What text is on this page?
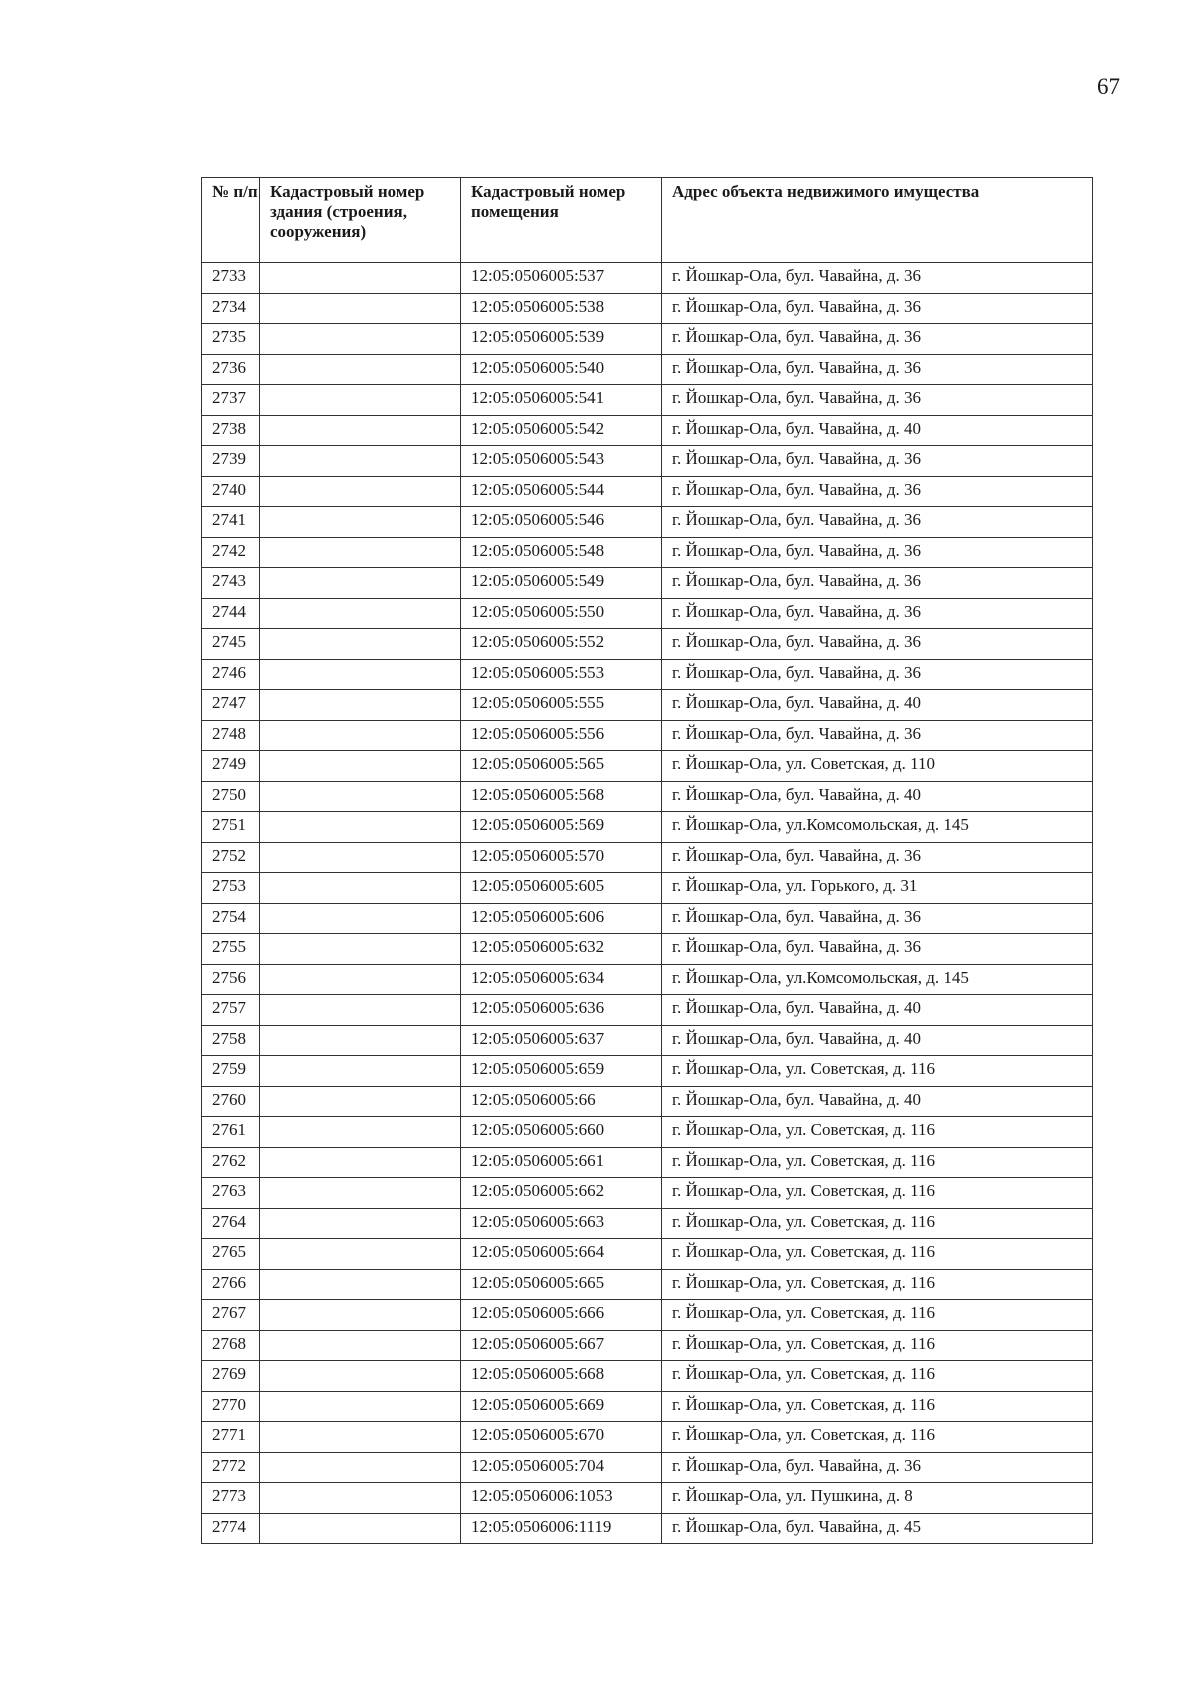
67
№ п/п	Кадастровый номер здания (строения, сооружения)	Кадастровый номер помещения	Адрес объекта недвижимого имущества
2733		12:05:0506005:537	г. Йошкар-Ола, бул. Чавайна, д. 36
2734		12:05:0506005:538	г. Йошкар-Ола, бул. Чавайна, д. 36
2735		12:05:0506005:539	г. Йошкар-Ола, бул. Чавайна, д. 36
2736		12:05:0506005:540	г. Йошкар-Ола, бул. Чавайна, д. 36
2737		12:05:0506005:541	г. Йошкар-Ола, бул. Чавайна, д. 36
2738		12:05:0506005:542	г. Йошкар-Ола, бул. Чавайна, д. 40
2739		12:05:0506005:543	г. Йошкар-Ола, бул. Чавайна, д. 36
2740		12:05:0506005:544	г. Йошкар-Ола, бул. Чавайна, д. 36
2741		12:05:0506005:546	г. Йошкар-Ола, бул. Чавайна, д. 36
2742		12:05:0506005:548	г. Йошкар-Ола, бул. Чавайна, д. 36
2743		12:05:0506005:549	г. Йошкар-Ола, бул. Чавайна, д. 36
2744		12:05:0506005:550	г. Йошкар-Ола, бул. Чавайна, д. 36
2745		12:05:0506005:552	г. Йошкар-Ола, бул. Чавайна, д. 36
2746		12:05:0506005:553	г. Йошкар-Ола, бул. Чавайна, д. 36
2747		12:05:0506005:555	г. Йошкар-Ола, бул. Чавайна, д. 40
2748		12:05:0506005:556	г. Йошкар-Ола, бул. Чавайна, д. 36
2749		12:05:0506005:565	г. Йошкар-Ола, ул. Советская, д. 110
2750		12:05:0506005:568	г. Йошкар-Ола, бул. Чавайна, д. 40
2751		12:05:0506005:569	г. Йошкар-Ола, ул.Комсомольская, д. 145
2752		12:05:0506005:570	г. Йошкар-Ола, бул. Чавайна, д. 36
2753		12:05:0506005:605	г. Йошкар-Ола, ул. Горького, д. 31
2754		12:05:0506005:606	г. Йошкар-Ола, бул. Чавайна, д. 36
2755		12:05:0506005:632	г. Йошкар-Ола, бул. Чавайна, д. 36
2756		12:05:0506005:634	г. Йошкар-Ола, ул.Комсомольская, д. 145
2757		12:05:0506005:636	г. Йошкар-Ола, бул. Чавайна, д. 40
2758		12:05:0506005:637	г. Йошкар-Ола, бул. Чавайна, д. 40
2759		12:05:0506005:659	г. Йошкар-Ола, ул. Советская, д. 116
2760		12:05:0506005:66	г. Йошкар-Ола, бул. Чавайна, д. 40
2761		12:05:0506005:660	г. Йошкар-Ола, ул. Советская, д. 116
2762		12:05:0506005:661	г. Йошкар-Ола, ул. Советская, д. 116
2763		12:05:0506005:662	г. Йошкар-Ола, ул. Советская, д. 116
2764		12:05:0506005:663	г. Йошкар-Ола, ул. Советская, д. 116
2765		12:05:0506005:664	г. Йошкар-Ола, ул. Советская, д. 116
2766		12:05:0506005:665	г. Йошкар-Ола, ул. Советская, д. 116
2767		12:05:0506005:666	г. Йошкар-Ола, ул. Советская, д. 116
2768		12:05:0506005:667	г. Йошкар-Ола, ул. Советская, д. 116
2769		12:05:0506005:668	г. Йошкар-Ола, ул. Советская, д. 116
2770		12:05:0506005:669	г. Йошкар-Ола, ул. Советская, д. 116
2771		12:05:0506005:670	г. Йошкар-Ола, ул. Советская, д. 116
2772		12:05:0506005:704	г. Йошкар-Ола, бул. Чавайна, д. 36
2773		12:05:0506006:1053	г. Йошкар-Ола, ул. Пушкина, д. 8
2774		12:05:0506006:1119	г. Йошкар-Ола, бул. Чавайна, д. 45
